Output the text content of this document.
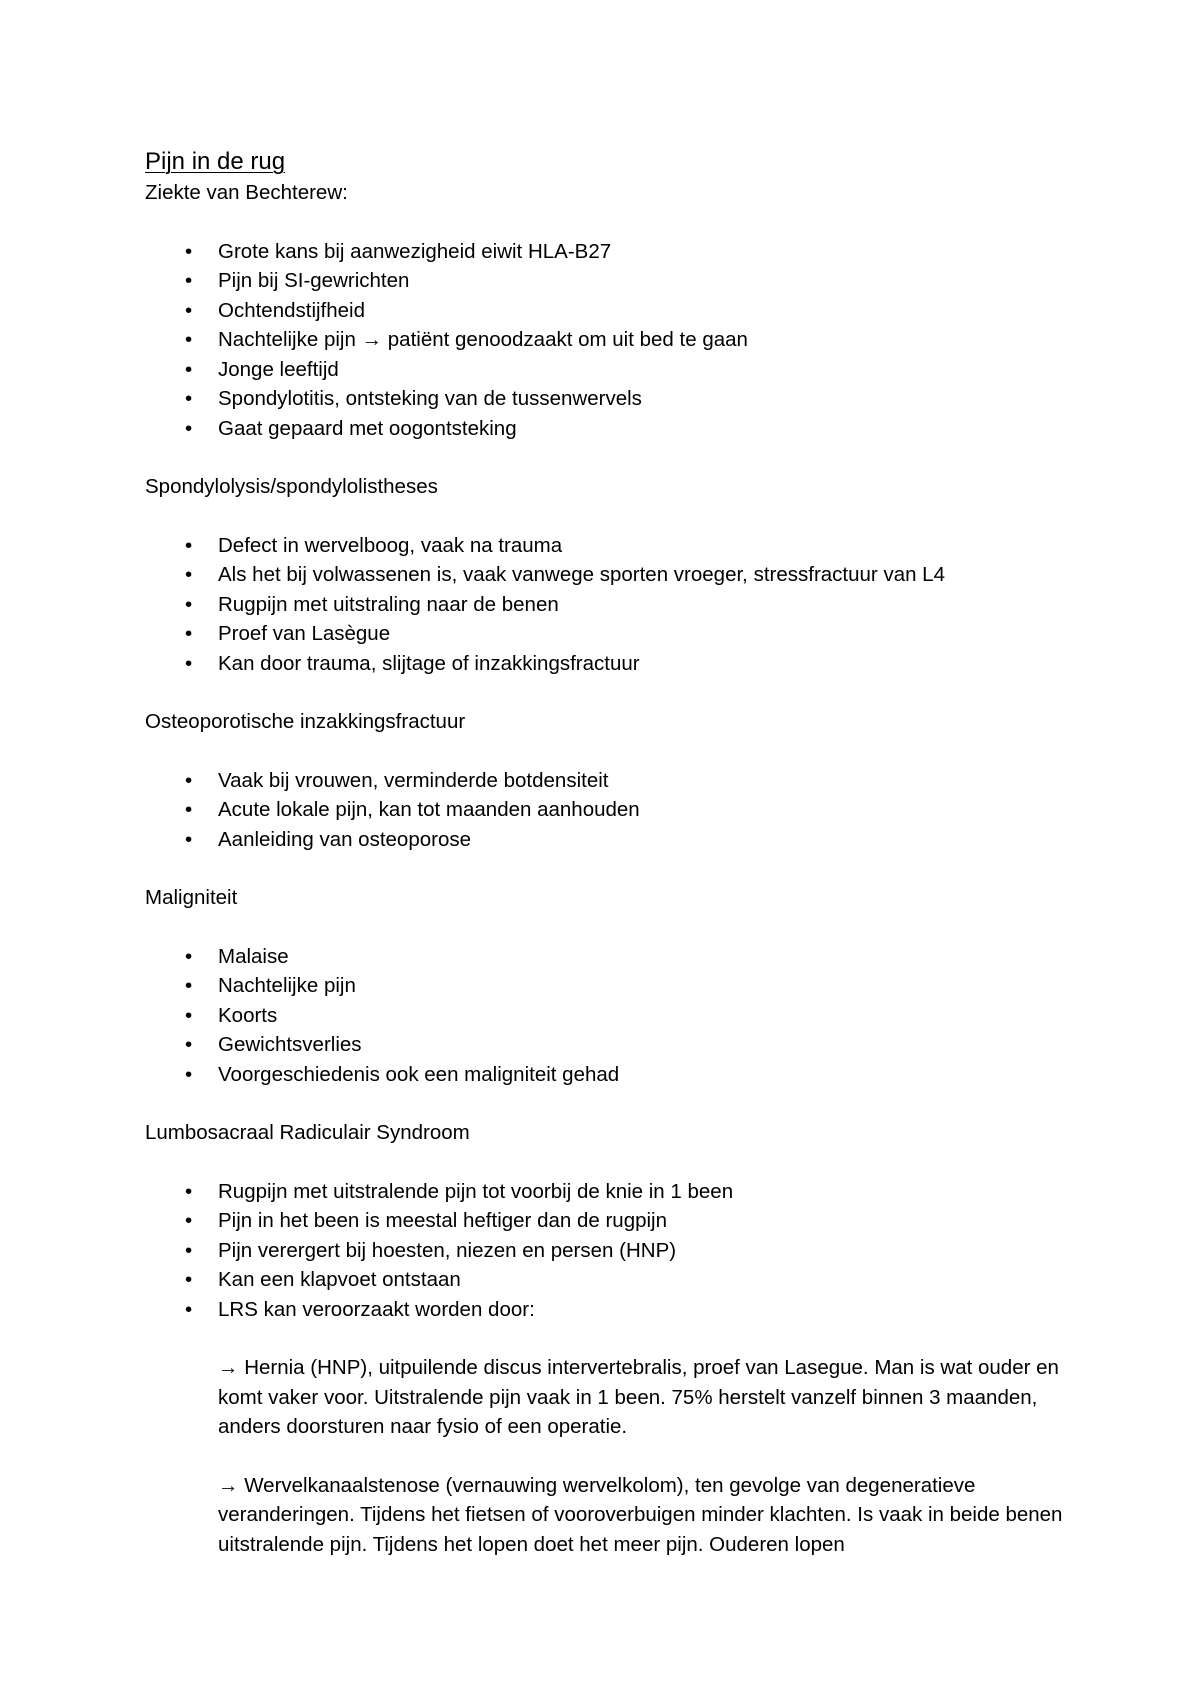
Pijn in de rug

Ziekte van Bechterew:

• Grote kans bij aanwezigheid eiwit HLA-B27
• Pijn bij SI-gewrichten
• Ochtendstijfheid
• Nachtelijke pijn → patiënt genoodzaakt om uit bed te gaan
• Jonge leeftijd
• Spondylotitis, ontsteking van de tussenwervels
• Gaat gepaard met oogontsteking

Spondylolysis/spondylolistheses

• Defect in wervelboog, vaak na trauma
• Als het bij volwassenen is, vaak vanwege sporten vroeger, stressfractuur van L4
• Rugpijn met uitstraling naar de benen
• Proef van Lasègue
• Kan door trauma, slijtage of inzakkingsfractuur

Osteoporotische inzakkingsfractuur

• Vaak bij vrouwen, verminderde botdensiteit
• Acute lokale pijn, kan tot maanden aanhouden
• Aanleiding van osteoporose

Maligniteit

• Malaise
• Nachtelijke pijn
• Koorts
• Gewichtsverlies
• Voorgeschiedenis ook een maligniteit gehad

Lumbosacraal Radiculair Syndroom

• Rugpijn met uitstralende pijn tot voorbij de knie in 1 been
• Pijn in het been is meestal heftiger dan de rugpijn
• Pijn verergert bij hoesten, niezen en persen (HNP)
• Kan een klapvoet ontstaan
• LRS kan veroorzaakt worden door:

→ Hernia (HNP), uitpuilende discus intervertebralis, proef van Lasegue. Man is wat ouder en komt vaker voor. Uitstralende pijn vaak in 1 been. 75% herstelt vanzelf binnen 3 maanden, anders doorsturen naar fysio of een operatie.

→ Wervelkanaalstenose (vernauwing wervelkolom), ten gevolge van degeneratieve veranderingen. Tijdens het fietsen of vooroverbuigen minder klachten. Is vaak in beide benen uitstralende pijn. Tijdens het lopen doet het meer pijn. Ouderen lopen
